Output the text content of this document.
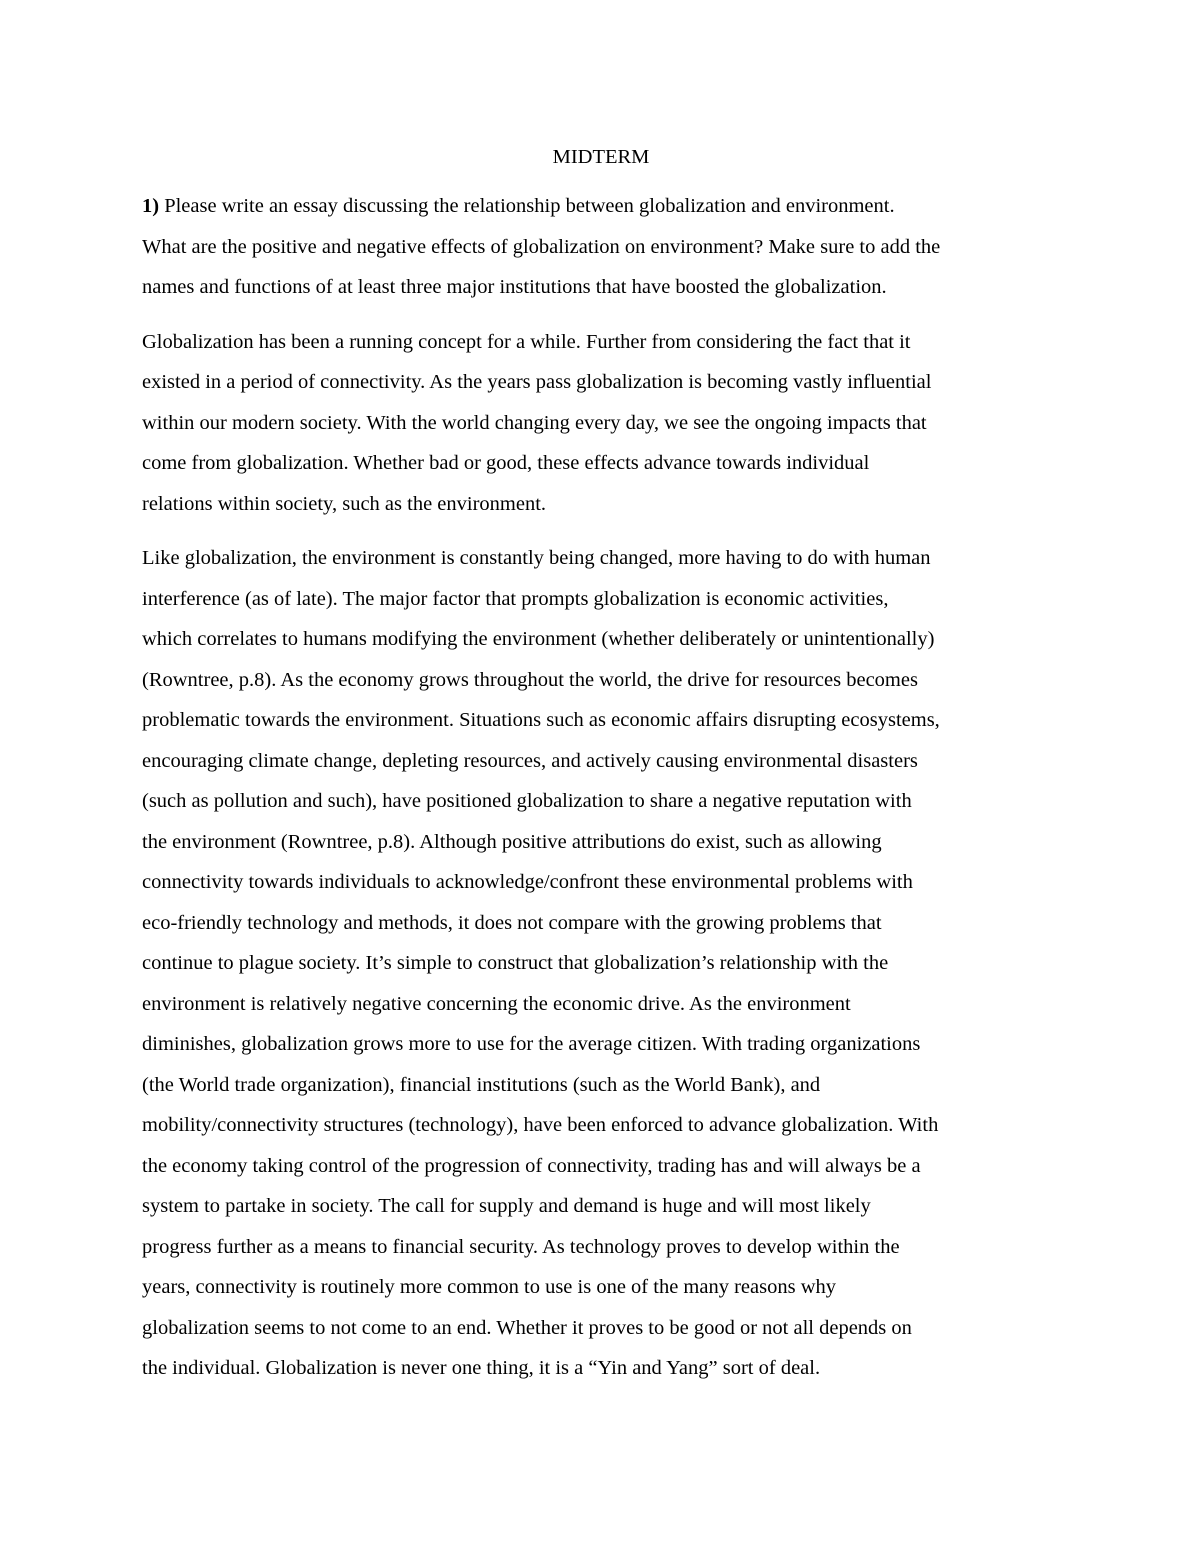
MIDTERM
1) Please write an essay discussing the relationship between globalization and environment.
What are the positive and negative effects of globalization on environment? Make sure to add the
names and functions of at least three major institutions that have boosted the globalization.
Globalization has been a running concept for a while. Further from considering the fact that it
existed in a period of connectivity. As the years pass globalization is becoming vastly influential
within our modern society. With the world changing every day, we see the ongoing impacts that
come from globalization. Whether bad or good, these effects advance towards individual
relations within society, such as the environment.
Like globalization, the environment is constantly being changed, more having to do with human
interference (as of late). The major factor that prompts globalization is economic activities,
which correlates to humans modifying the environment (whether deliberately or unintentionally)
(Rowntree, p.8). As the economy grows throughout the world, the drive for resources becomes
problematic towards the environment. Situations such as economic affairs disrupting ecosystems,
encouraging climate change, depleting resources, and actively causing environmental disasters
(such as pollution and such), have positioned globalization to share a negative reputation with
the environment (Rowntree, p.8). Although positive attributions do exist, such as allowing
connectivity towards individuals to acknowledge/confront these environmental problems with
eco-friendly technology and methods, it does not compare with the growing problems that
continue to plague society. It’s simple to construct that globalization’s relationship with the
environment is relatively negative concerning the economic drive. As the environment
diminishes, globalization grows more to use for the average citizen. With trading organizations
(the World trade organization), financial institutions (such as the World Bank), and
mobility/connectivity structures (technology), have been enforced to advance globalization. With
the economy taking control of the progression of connectivity, trading has and will always be a
system to partake in society. The call for supply and demand is huge and will most likely
progress further as a means to financial security. As technology proves to develop within the
years, connectivity is routinely more common to use is one of the many reasons why
globalization seems to not come to an end. Whether it proves to be good or not all depends on
the individual. Globalization is never one thing, it is a “Yin and Yang” sort of deal.
